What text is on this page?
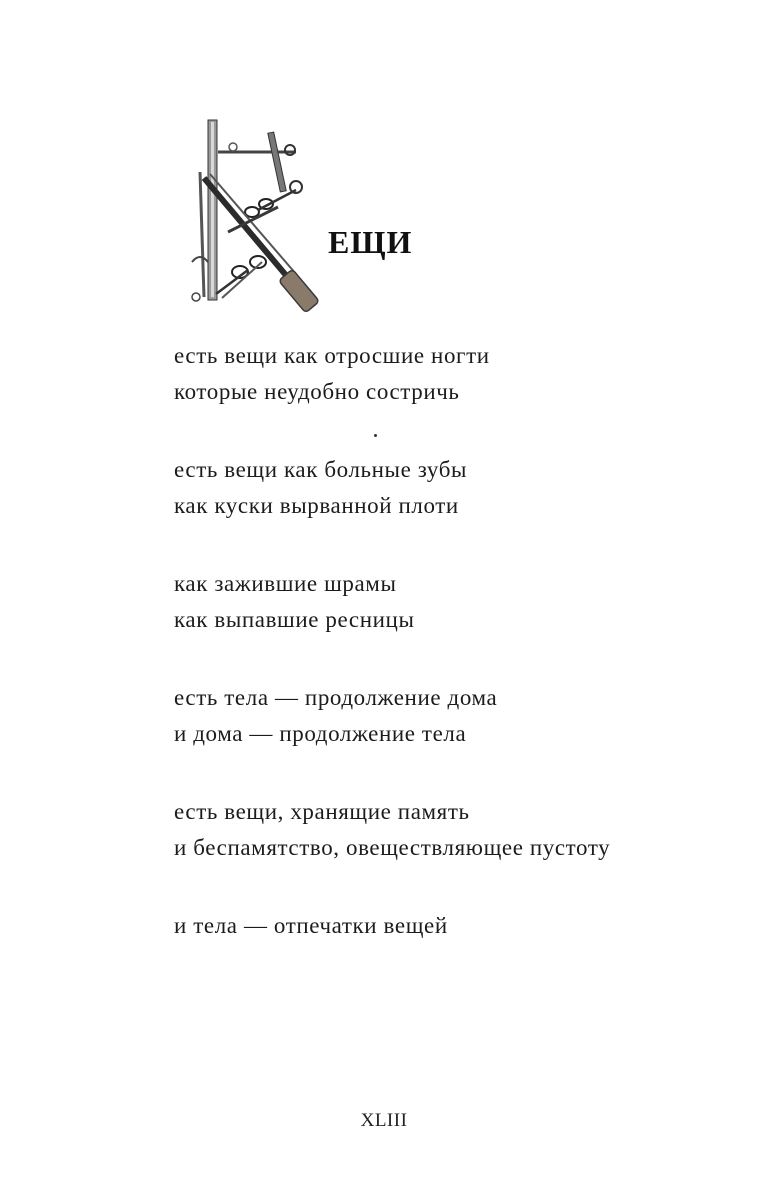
ЕЩИ
есть вещи как отросшие ногти
которые неудобно состричь
есть вещи как больные зубы
как куски вырванной плоти
как зажившие шрамы
как выпавшие ресницы
есть тела — продолжение дома
и дома — продолжение тела
есть вещи, хранящие память
и беспамятство, овеществляющее пустоту
и тела — отпечатки вещей
XLIII
